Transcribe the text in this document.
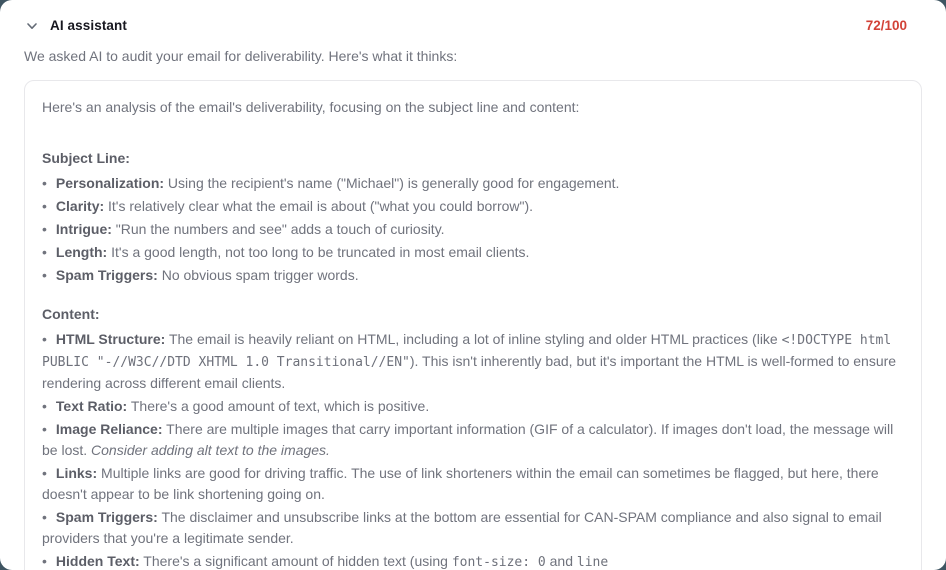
AI assistant	72/100

We asked AI to audit your email for deliverability. Here's what it thinks:

Here's an analysis of the email's deliverability, focusing on the subject line and content:

Subject Line:

• Personalization: Using the recipient's name ("Michael") is generally good for engagement.

• Clarity: It's relatively clear what the email is about ("what you could borrow").

• Intrigue: "Run the numbers and see" adds a touch of curiosity.

• Length: It's a good length, not too long to be truncated in most email clients.

• Spam Triggers: No obvious spam trigger words.

Content:

• HTML Structure: The email is heavily reliant on HTML, including a lot of inline styling and older HTML practices (like <!DOCTYPE html PUBLIC "-//W3C//DTD XHTML 1.0 Transitional//EN"). This isn't inherently bad, but it's important the HTML is well-formed to ensure rendering across different email clients.

• Text Ratio: There's a good amount of text, which is positive.

• Image Reliance: There are multiple images that carry important information (GIF of a calculator). If images don't load, the message will be lost. Consider adding alt text to the images.

• Links: Multiple links are good for driving traffic. The use of link shorteners within the email can sometimes be flagged, but here, there doesn't appear to be link shortening going on.

• Spam Triggers: The disclaimer and unsubscribe links at the bottom are essential for CAN-SPAM compliance and also signal to email providers that you're a legitimate sender.

• Hidden Text: There's a significant amount of hidden text (using font-size: 0 and line
